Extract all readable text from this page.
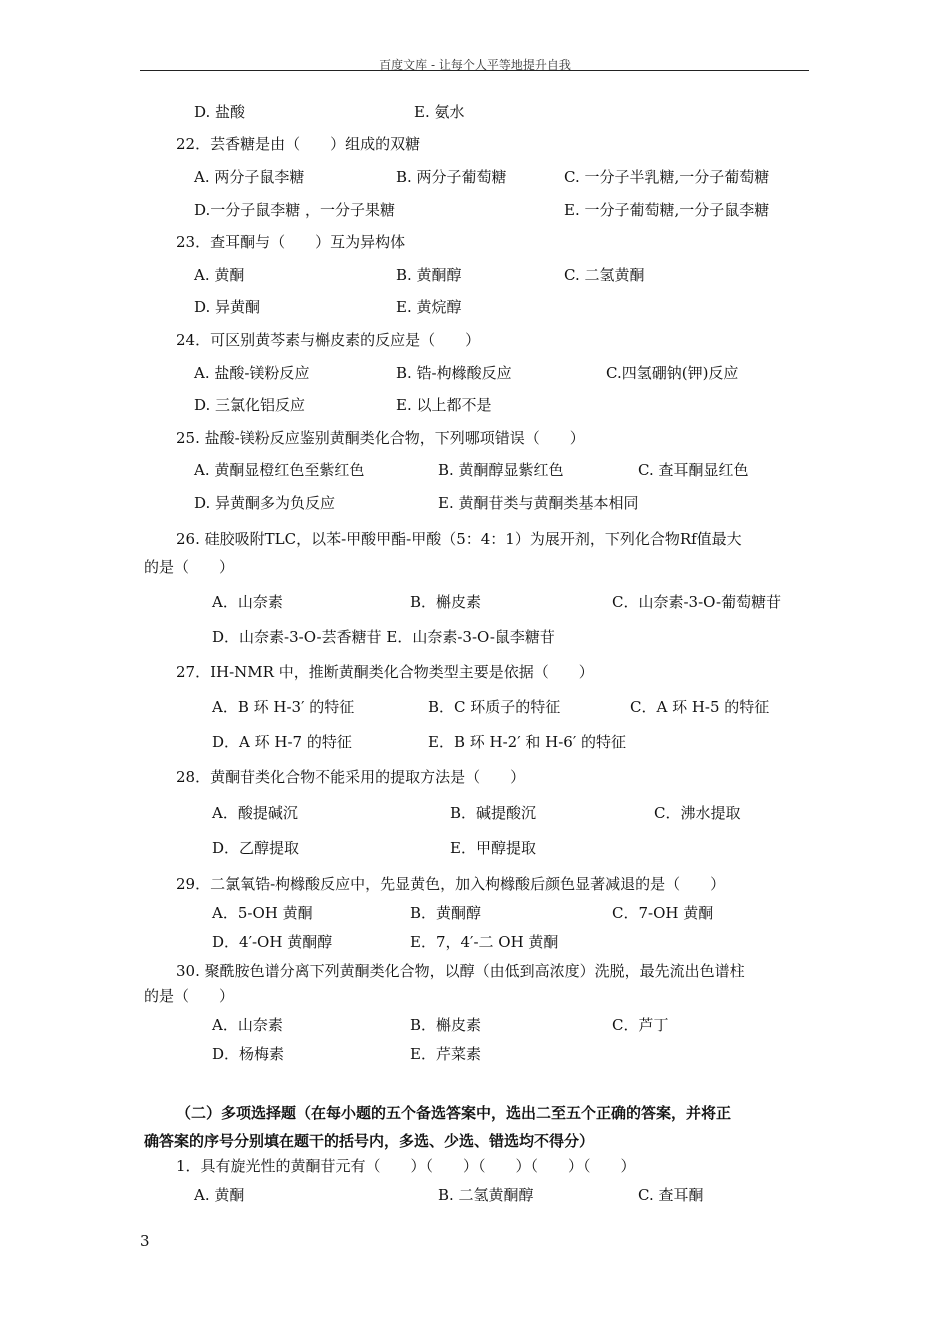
百度文库 - 让每个人平等地提升自我
D. 盐酸	E. 氨水
22．芸香糖是由（　　）组成的双糖
A. 两分子鼠李糖	B. 两分子葡萄糖	C. 一分子半乳糖,一分子葡萄糖
D.一分子鼠李糖 ，一分子果糖	E. 一分子葡萄糖,一分子鼠李糖
23．查耳酮与（　　）互为异构体
A. 黄酮	B. 黄酮醇	C. 二氢黄酮
D. 异黄酮	E. 黄烷醇
24．可区别黄芩素与槲皮素的反应是（　　）
A. 盐酸-镁粉反应	B. 锆-枸橼酸反应	C.四氢硼钠(钾)反应
D. 三氯化铝反应	E. 以上都不是
25. 盐酸-镁粉反应鉴别黄酮类化合物，下列哪项错误（　　）
A. 黄酮显橙红色至紫红色	B. 黄酮醇显紫红色	C. 查耳酮显红色
D. 异黄酮多为负反应	E. 黄酮苷类与黄酮类基本相同
26. 硅胶吸附TLC，以苯-甲酸甲酯-甲酸（5：4：1）为展开剂，下列化合物Rf值最大
的是（　　）
A．山奈素	B．槲皮素	C．山奈素-3-O-葡萄糖苷
D．山奈素-3-O-芸香糖苷 E．山奈素-3-O-鼠李糖苷
27．IH-NMR 中，推断黄酮类化合物类型主要是依据（　　）
A．B 环 H-3′ 的特征	B．C 环质子的特征	C．A 环 H-5 的特征
D．A 环 H-7 的特征	E．B 环 H-2′ 和 H-6′ 的特征
28．黄酮苷类化合物不能采用的提取方法是（　　）
A．酸提碱沉	B．碱提酸沉	C．沸水提取
D．乙醇提取	E．甲醇提取
29．二氯氧锆-枸橼酸反应中，先显黄色，加入枸橼酸后颜色显著减退的是（　　）
A．5-OH 黄酮	B．黄酮醇	C．7-OH 黄酮
D．4′-OH 黄酮醇	E．7，4′-二 OH 黄酮
30. 聚酰胺色谱分离下列黄酮类化合物，以醇（由低到高浓度）洗脱，最先流出色谱柱
的是（　　）
A．山奈素	B．槲皮素	C．芦丁
D．杨梅素	E．芹菜素
（二）多项选择题（在每小题的五个备选答案中，选出二至五个正确的答案，并将正
确答案的序号分别填在题干的括号内，多选、少选、错选均不得分）
1．具有旋光性的黄酮苷元有（　　）（　　）（　　）（　　）（　　）
A. 黄酮	B. 二氢黄酮醇	C. 查耳酮
3
